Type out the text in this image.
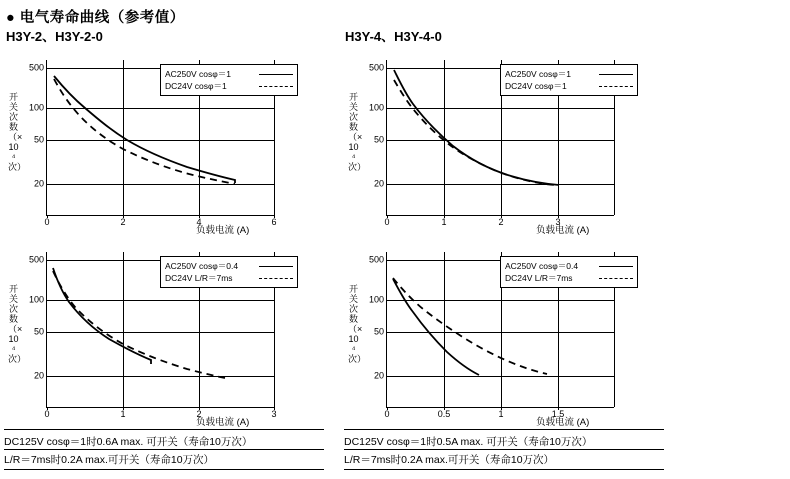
● 电气寿命曲线（参考值）
H3Y-2、H3Y-2-0	H3Y-4、H3Y-4-0
开关次数（×10⁴次）
500
100
50
20
0	2	4	6
AC250V cosφ＝1
DC24V cosφ＝1
负载电流 (A)
开关次数（×10⁴次）
500
100
50
20
0	1	2	3
AC250V cosφ＝1
DC24V cosφ＝1
负载电流 (A)
开关次数（×10⁴次）
500
100
50
20
0	1	2	3
AC250V cosφ＝0.4
DC24V L/R＝7ms
负载电流 (A)
开关次数（×10⁴次）
500
100
50
20
0	0.5	1	1.5
AC250V cosφ＝0.4
DC24V L/R＝7ms
负载电流 (A)
DC125V cosφ＝1时0.6A max. 可开关（寿命10万次）
L/R＝7ms时0.2A max.可开关（寿命10万次）
DC125V cosφ＝1时0.5A max. 可开关（寿命10万次）
L/R＝7ms时0.2A max.可开关（寿命10万次）
